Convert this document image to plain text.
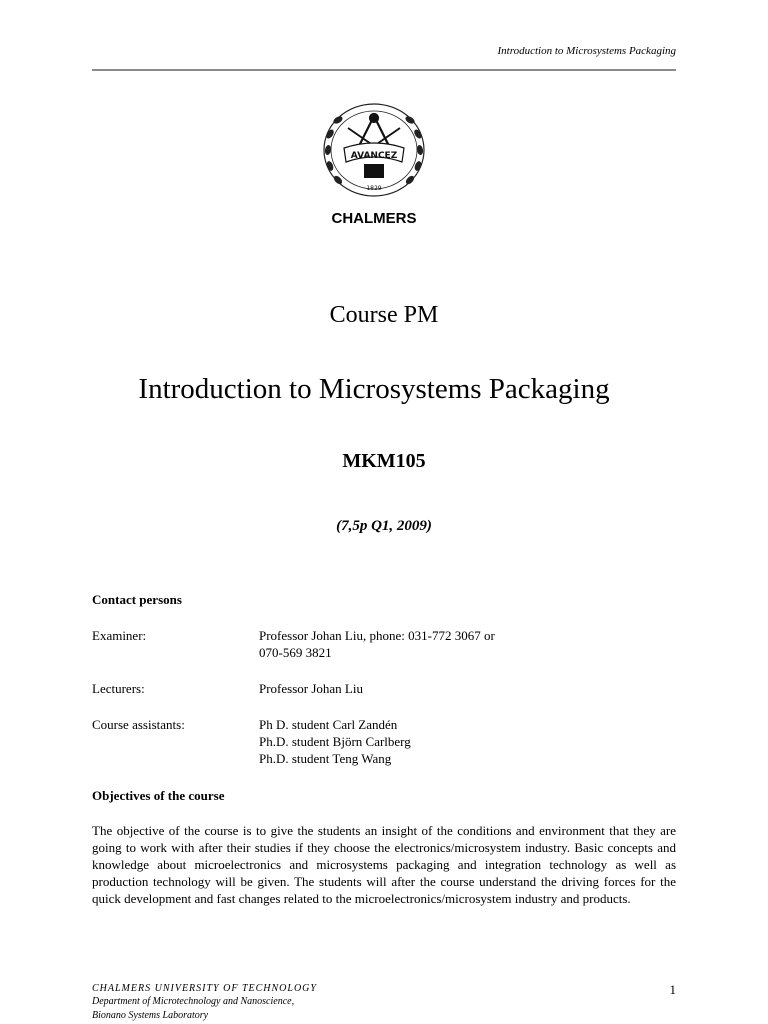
Introduction to Microsystems Packaging
AVANCEZ
1829
CHALMERS
Course PM
Introduction to Microsystems Packaging
MKM105
(7,5p Q1, 2009)
Contact persons
Examiner:	Professor Johan Liu, phone: 031-772 3067 or
070-569 3821
Lecturers:	Professor Johan Liu
Course assistants:	Ph D. student Carl Zandén
Ph.D. student Björn Carlberg
Ph.D. student Teng Wang
Objectives of the course
The objective of the course is to give the students an insight of the conditions and environment that they are going to work with after their studies if they choose the electronics/microsystem industry. Basic concepts and knowledge about microelectronics and microsystems packaging and integration technology as well as production technology will be given. The students will after the course understand the driving forces for the quick development and fast changes related to the microelectronics/microsystem industry and products.
CHALMERS UNIVERSITY OF TECHNOLOGY
Department of Microtechnology and Nanoscience,
Bionano Systems Laboratory
1
